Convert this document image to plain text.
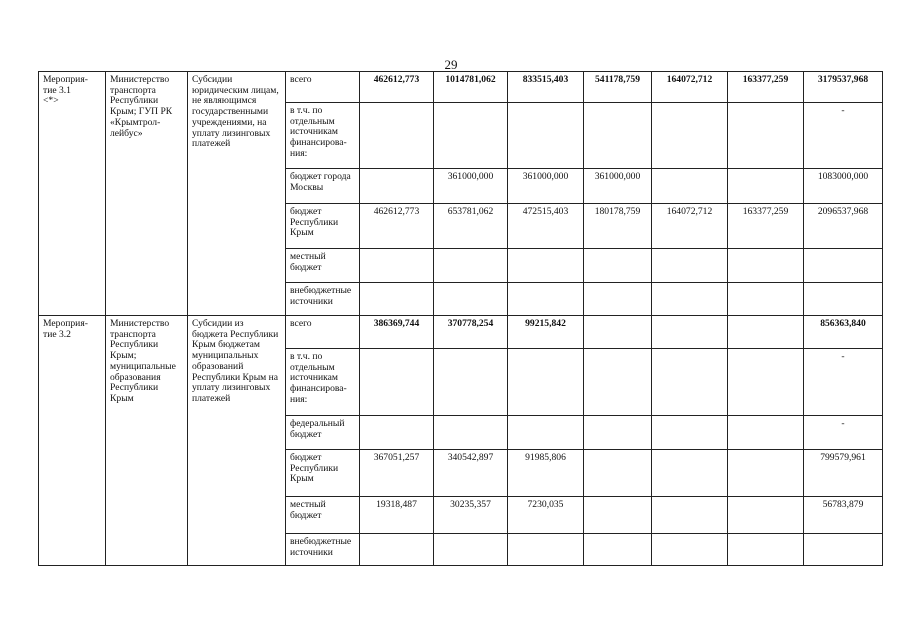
29
Мероприя-
тие 3.1
<*>	Министерство транспорта Республики Крым; ГУП РК «Крымтрол-лейбус»	Субсидии юридическим лицам, не являющимся государственными учреждениями, на уплату лизинговых платежей	всего	462612,773	1014781,062	833515,403	541178,759	164072,712	163377,259	3179537,968
			в т.ч. по отдельным источникам финансирова-ния:							-
			бюджет города Москвы		361000,000	361000,000	361000,000			1083000,000
			бюджет Республики Крым	462612,773	653781,062	472515,403	180178,759	164072,712	163377,259	2096537,968
			местный бюджет							
			внебюджетные источники							
Мероприя-
тие 3.2	Министерство транспорта Республики Крым; муниципальные образования Республики Крым	Субсидии из бюджета Республики Крым бюджетам муниципальных образований Республики Крым на уплату лизинговых платежей	всего	386369,744	370778,254	99215,842				856363,840
			в т.ч. по отдельным источникам финансирова-ния:							-
			федеральный бюджет							-
			бюджет Республики Крым	367051,257	340542,897	91985,806				799579,961
			местный бюджет	19318,487	30235,357	7230,035				56783,879
			внебюджетные источники							
